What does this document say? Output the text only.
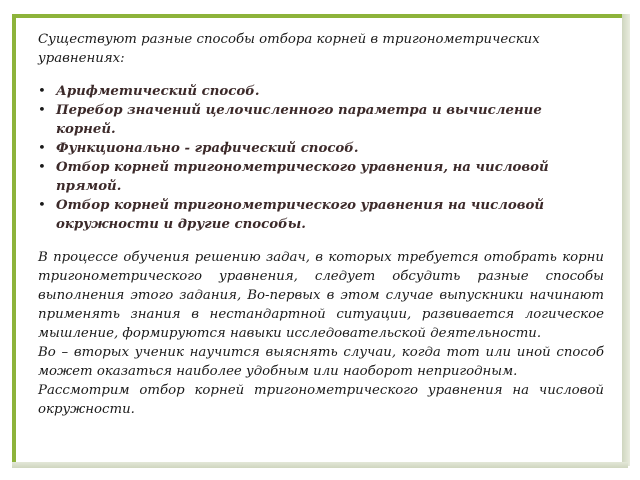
Существуют разные способы отбора корней в тригонометрических уравнениях:

• Арифметический способ.
• Перебор значений целочисленного параметра и вычисление корней.
• Функционально - графический способ.
• Отбор корней тригонометрического уравнения, на числовой прямой.
• Отбор корней тригонометрического уравнения на числовой окружности и другие способы.

В процессе обучения решению задач, в которых требуется отобрать корни тригонометрического уравнения, следует обсудить разные способы выполнения этого задания, Во-первых в этом случае выпускники начинают применять знания в нестандартной ситуации, развивается логическое мышление, формируются навыки исследовательской деятельности.

Во – вторых ученик научится выяснять случаи, когда тот или иной способ может оказаться наиболее удобным или наоборот непригодным.

Рассмотрим отбор корней тригонометрического уравнения на числовой окружности.
